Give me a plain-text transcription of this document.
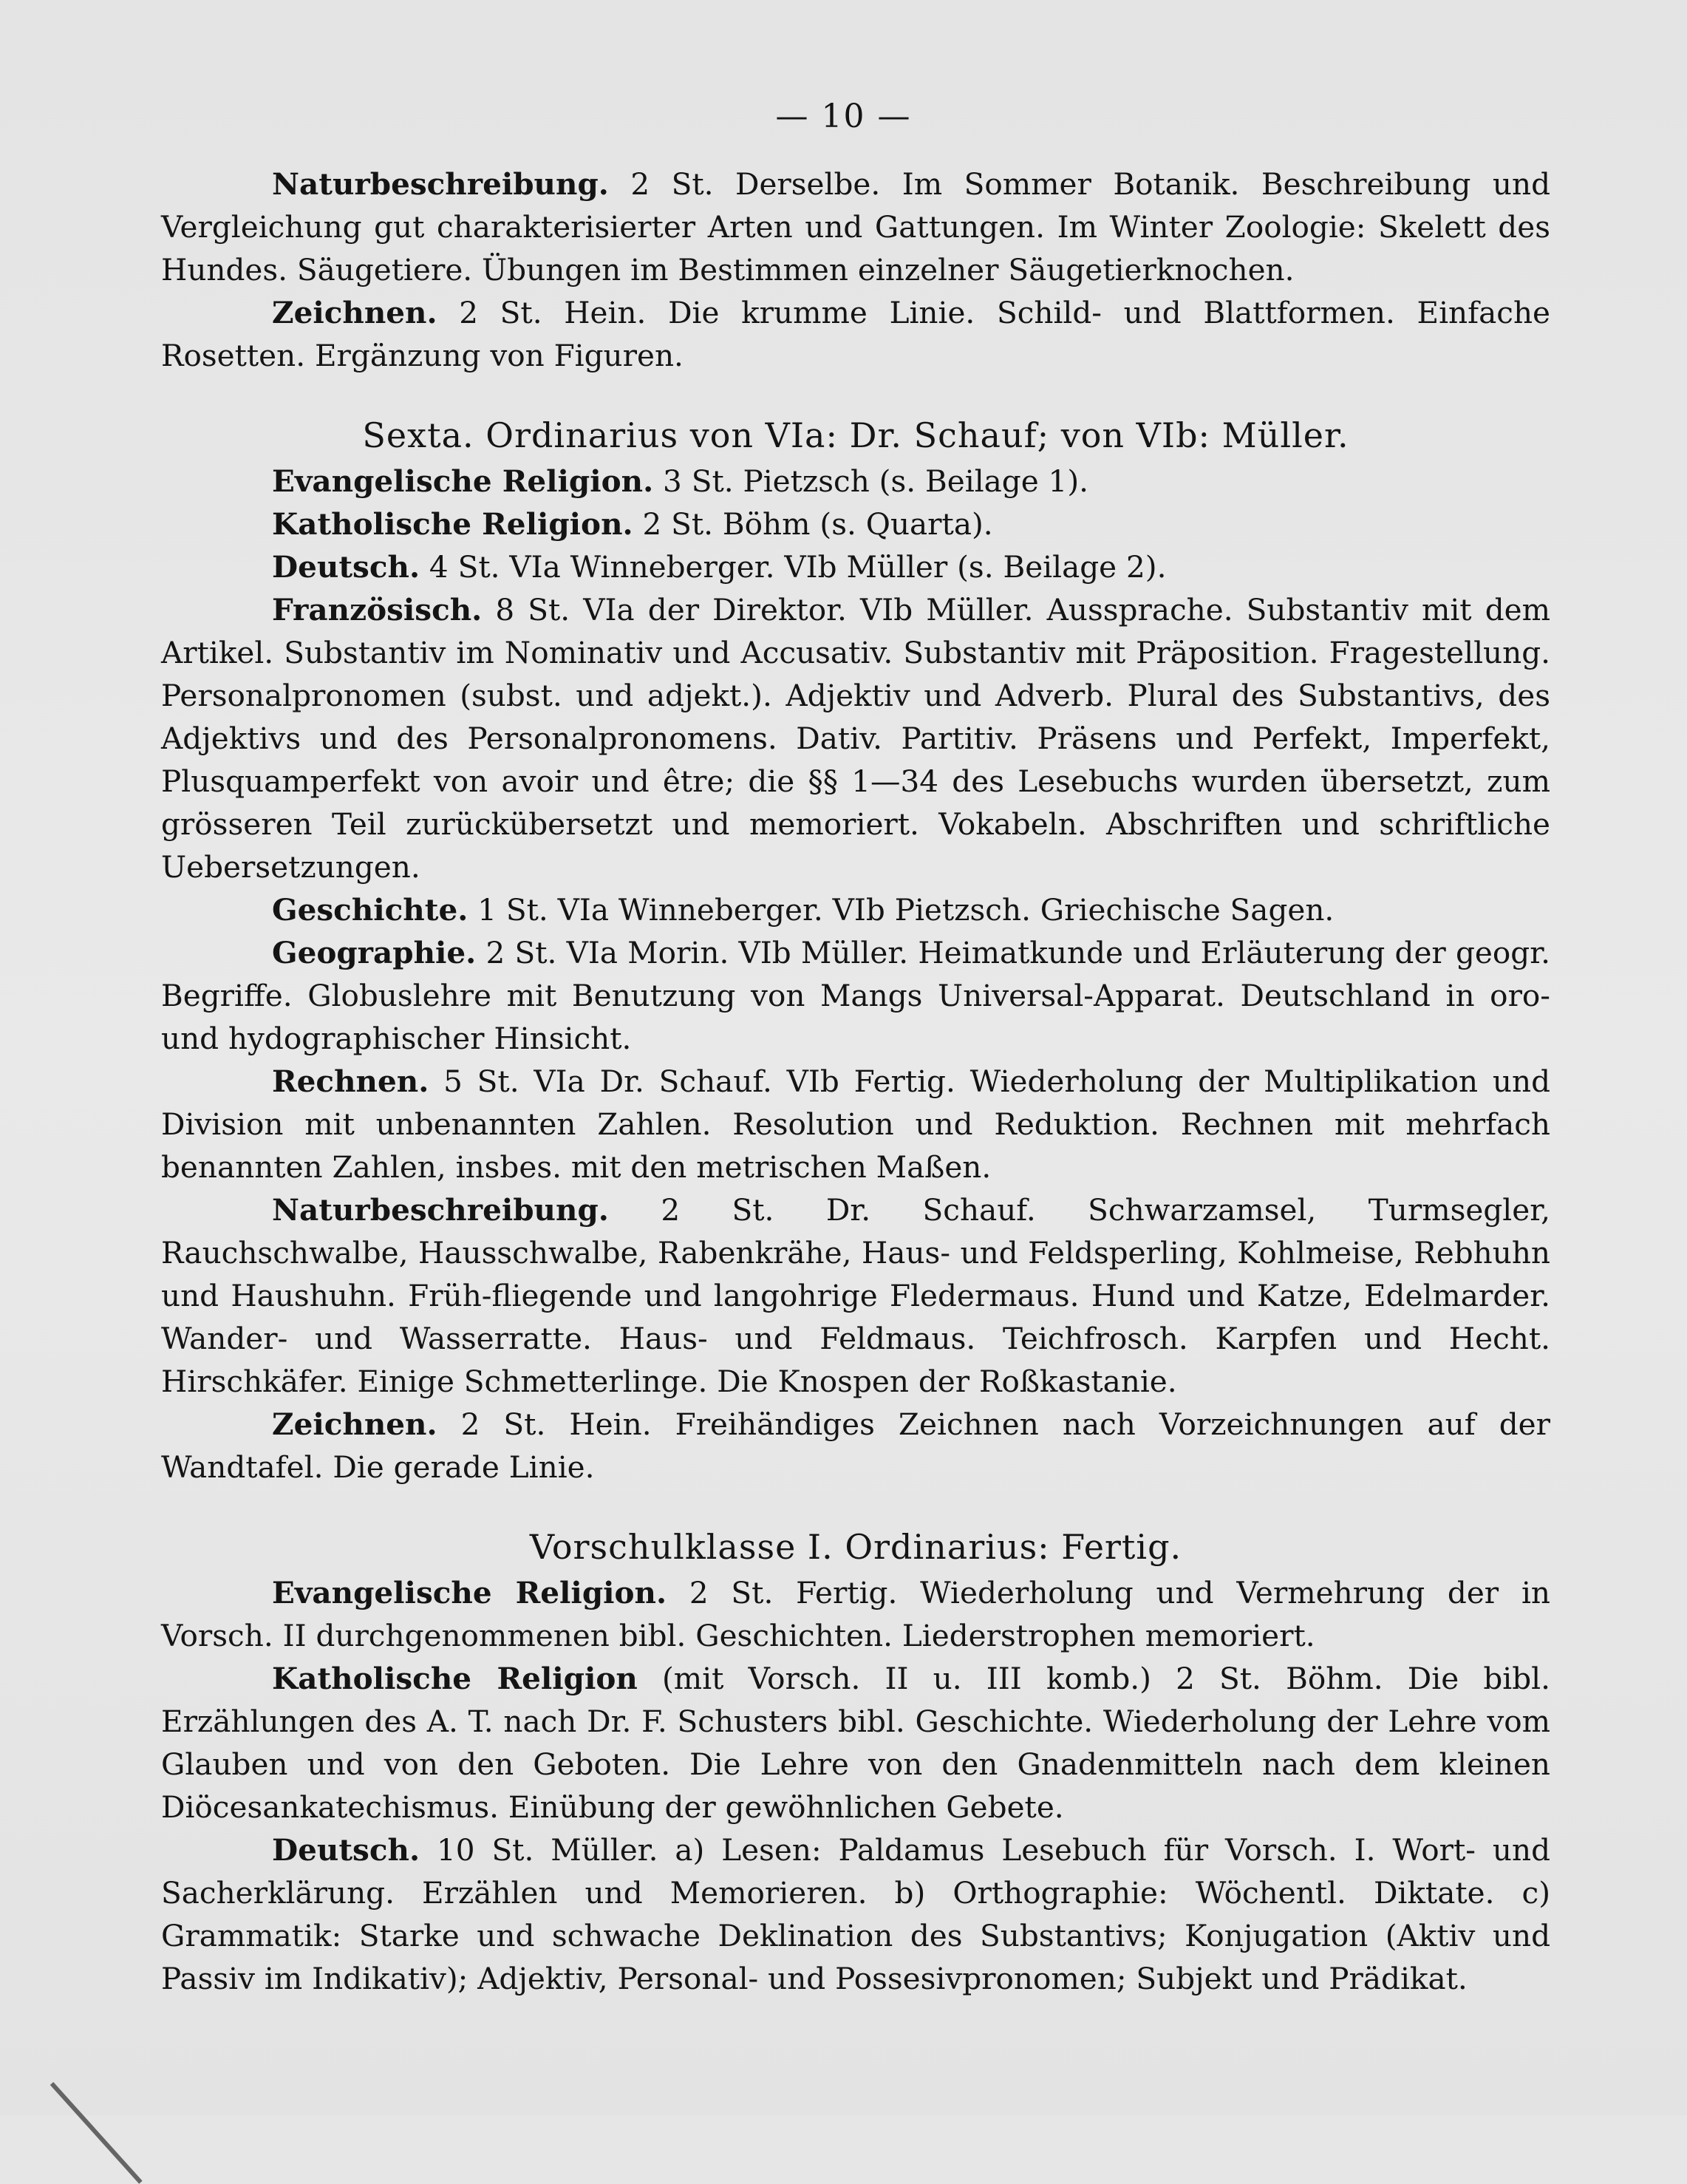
— 10 —

Naturbeschreibung. 2 St. Derselbe. Im Sommer Botanik. Beschreibung und Vergleichung gut charakterisierter Arten und Gattungen. Im Winter Zoologie: Skelett des Hundes. Säugetiere. Übungen im Bestimmen einzelner Säugetierknochen.

Zeichnen. 2 St. Hein. Die krumme Linie. Schild- und Blattformen. Einfache Rosetten. Ergänzung von Figuren.

Sexta. Ordinarius von VIa: Dr. Schauf; von VIb: Müller.

Evangelische Religion. 3 St. Pietzsch (s. Beilage 1).

Katholische Religion. 2 St. Böhm (s. Quarta).

Deutsch. 4 St. VIa Winneberger. VIb Müller (s. Beilage 2).

Französisch. 8 St. VIa der Direktor. VIb Müller. Aussprache. Substantiv mit dem Artikel. Substantiv im Nominativ und Accusativ. Substantiv mit Präposition. Fragestellung. Personalpronomen (subst. und adjekt.). Adjektiv und Adverb. Plural des Substantivs, des Adjektivs und des Personalpronomens. Dativ. Partitiv. Präsens und Perfekt, Imperfekt, Plusquamperfekt von avoir und être; die §§ 1—34 des Lesebuchs wurden übersetzt, zum grösseren Teil zurückübersetzt und memoriert. Vokabeln. Abschriften und schriftliche Uebersetzungen.

Geschichte. 1 St. VIa Winneberger. VIb Pietzsch. Griechische Sagen.

Geographie. 2 St. VIa Morin. VIb Müller. Heimatkunde und Erläuterung der geogr. Begriffe. Globuslehre mit Benutzung von Mangs Universal-Apparat. Deutschland in oro- und hydographischer Hinsicht.

Rechnen. 5 St. VIa Dr. Schauf. VIb Fertig. Wiederholung der Multiplikation und Division mit unbenannten Zahlen. Resolution und Reduktion. Rechnen mit mehrfach benannten Zahlen, insbes. mit den metrischen Maßen.

Naturbeschreibung. 2 St. Dr. Schauf. Schwarzamsel, Turmsegler, Rauchschwalbe, Hausschwalbe, Rabenkrähe, Haus- und Feldsperling, Kohlmeise, Rebhuhn und Haushuhn. Früh-fliegende und langohrige Fledermaus. Hund und Katze, Edelmarder. Wander- und Wasserratte. Haus- und Feldmaus. Teichfrosch. Karpfen und Hecht. Hirschkäfer. Einige Schmetterlinge. Die Knospen der Roßkastanie.

Zeichnen. 2 St. Hein. Freihändiges Zeichnen nach Vorzeichnungen auf der Wandtafel. Die gerade Linie.

Vorschulklasse I. Ordinarius: Fertig.

Evangelische Religion. 2 St. Fertig. Wiederholung und Vermehrung der in Vorsch. II durchgenommenen bibl. Geschichten. Liederstrophen memoriert.

Katholische Religion (mit Vorsch. II u. III komb.) 2 St. Böhm. Die bibl. Erzählungen des A. T. nach Dr. F. Schusters bibl. Geschichte. Wiederholung der Lehre vom Glauben und von den Geboten. Die Lehre von den Gnadenmitteln nach dem kleinen Diöcesankatechismus. Einübung der gewöhnlichen Gebete.

Deutsch. 10 St. Müller. a) Lesen: Paldamus Lesebuch für Vorsch. I. Wort- und Sacherklärung. Erzählen und Memorieren. b) Orthographie: Wöchentl. Diktate. c) Grammatik: Starke und schwache Deklination des Substantivs; Konjugation (Aktiv und Passiv im Indikativ); Adjektiv, Personal- und Possesivpronomen; Subjekt und Prädikat.
